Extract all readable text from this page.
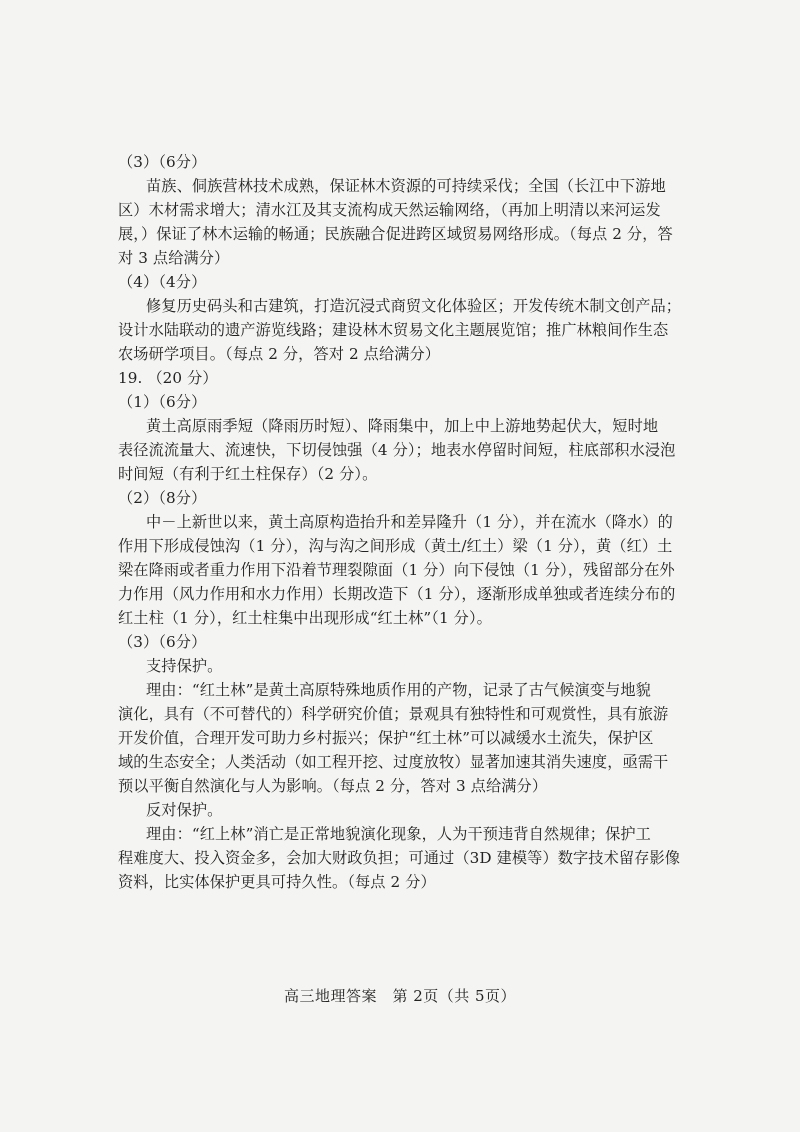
（3）（6分）
苗族、侗族营林技术成熟，保证林木资源的可持续采伐；全国（长江中下游地
区）木材需求增大；清水江及其支流构成天然运输网络，（再加上明清以来河运发
展，）保证了林木运输的畅通；民族融合促进跨区域贸易网络形成。（每点 2 分，答
对 3 点给满分）
（4）（4分）
修复历史码头和古建筑，打造沉浸式商贸文化体验区；开发传统木制文创产品；
设计水陆联动的遗产游览线路；建设林木贸易文化主题展览馆；推广林粮间作生态
农场研学项目。（每点 2 分，答对 2 点给满分）
19. （20 分）
（1）（6分）
黄土高原雨季短（降雨历时短）、降雨集中，加上中上游地势起伏大，短时地
表径流流量大、流速快，下切侵蚀强（4 分）；地表水停留时间短，柱底部积水浸泡
时间短（有利于红土柱保存）（2 分）。
（2）（8分）
中－上新世以来，黄土高原构造抬升和差异隆升（1 分），并在流水（降水）的
作用下形成侵蚀沟（1 分），沟与沟之间形成（黄土/红土）梁（1 分），黄（红）土
梁在降雨或者重力作用下沿着节理裂隙面（1 分）向下侵蚀（1 分），残留部分在外
力作用（风力作用和水力作用）长期改造下（1 分），逐渐形成单独或者连续分布的
红土柱（1 分），红土柱集中出现形成“红土林”（1 分）。
（3）（6分）
支持保护。
理由：“红土林”是黄土高原特殊地质作用的产物，记录了古气候演变与地貌
演化，具有（不可替代的）科学研究价值；景观具有独特性和可观赏性，具有旅游
开发价值，合理开发可助力乡村振兴；保护“红土林”可以减缓水土流失，保护区
域的生态安全；人类活动（如工程开挖、过度放牧）显著加速其消失速度，亟需干
预以平衡自然演化与人为影响。（每点 2 分，答对 3 点给满分）
反对保护。
理由：“红上林”消亡是正常地貌演化现象，人为干预违背自然规律；保护工
程难度大、投入资金多，会加大财政负担；可通过（3D 建模等）数字技术留存影像
资料，比实体保护更具可持久性。（每点 2 分）
高三地理答案　第 2页（共 5页）
